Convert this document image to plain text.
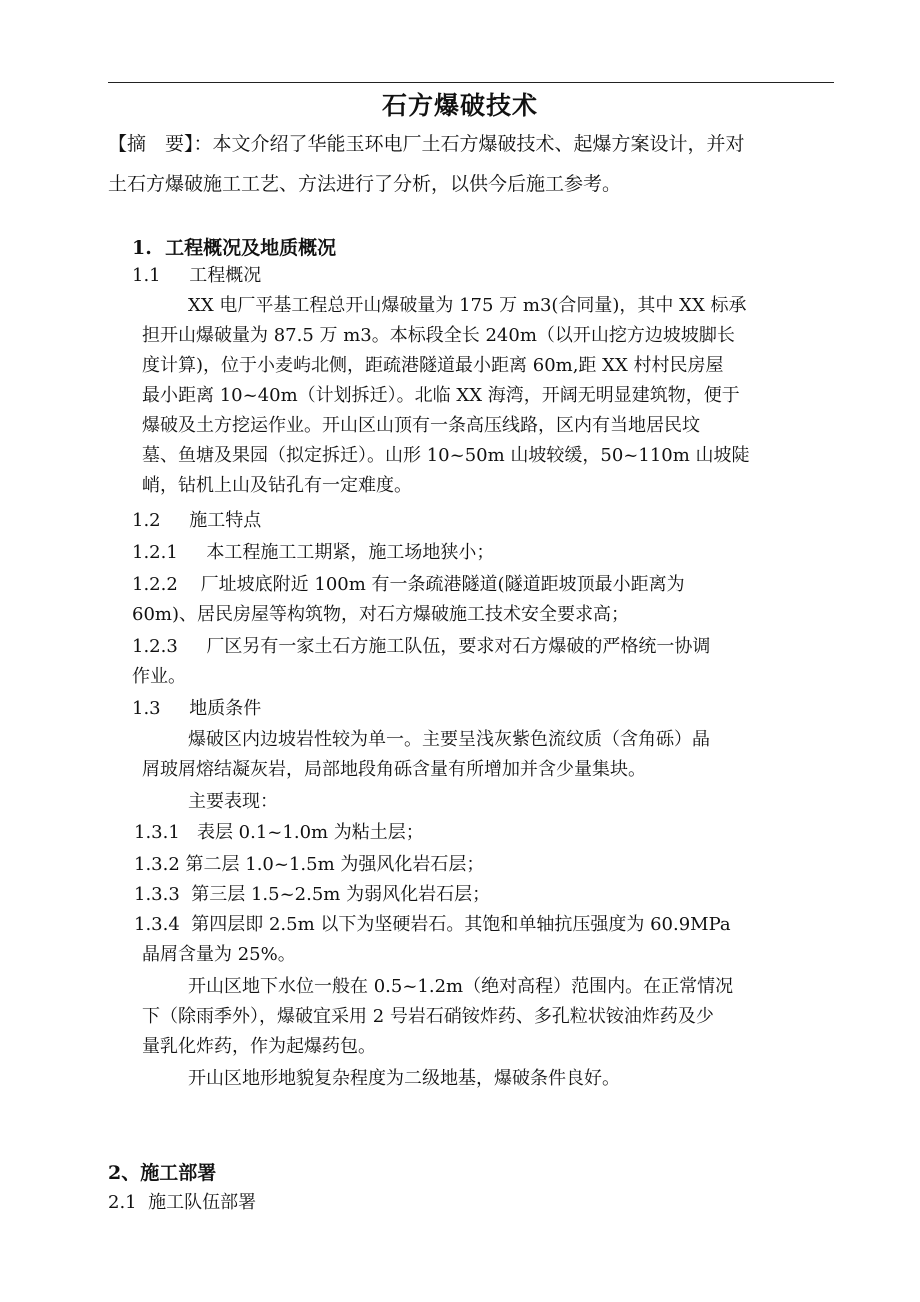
石方爆破技术
【摘　要】：本文介绍了华能玉环电厂土石方爆破技术、起爆方案设计，并对
土石方爆破施工工艺、方法进行了分析，以供今后施工参考。
1.  工程概况及地质概况
1.1     工程概况
XX 电厂平基工程总开山爆破量为 175 万 m3(合同量)，其中 XX 标承
担开山爆破量为 87.5 万 m3。本标段全长 240m（以开山挖方边坡坡脚长
度计算)，位于小麦屿北侧，距疏港隧道最小距离 60m,距 XX 村村民房屋
最小距离 10~40m（计划拆迁）。北临 XX 海湾，开阔无明显建筑物，便于
爆破及土方挖运作业。开山区山顶有一条高压线路，区内有当地居民坟
墓、鱼塘及果园（拟定拆迁）。山形 10~50m 山坡较缓，50~110m 山坡陡
峭，钻机上山及钻孔有一定难度。
1.2     施工特点
1.2.1     本工程施工工期紧，施工场地狭小；
1.2.2    厂址坡底附近 100m 有一条疏港隧道(隧道距坡顶最小距离为
60m)、居民房屋等构筑物，对石方爆破施工技术安全要求高；
1.2.3     厂区另有一家土石方施工队伍，要求对石方爆破的严格统一协调
作业。
1.3     地质条件
爆破区内边坡岩性较为单一。主要呈浅灰紫色流纹质（含角砾）晶
屑玻屑熔结凝灰岩，局部地段角砾含量有所增加并含少量集块。
主要表现：
1.3.1   表层 0.1~1.0m 为粘土层；
1.3.2 第二层 1.0~1.5m 为强风化岩石层；
1.3.3  第三层 1.5~2.5m 为弱风化岩石层；
1.3.4  第四层即 2.5m 以下为坚硬岩石。其饱和单轴抗压强度为 60.9MPa
晶屑含量为 25%。
开山区地下水位一般在 0.5~1.2m（绝对高程）范围内。在正常情况
下（除雨季外），爆破宜采用 2 号岩石硝铵炸药、多孔粒状铵油炸药及少
量乳化炸药，作为起爆药包。
开山区地形地貌复杂程度为二级地基，爆破条件良好。
2、施工部署
2.1  施工队伍部署
